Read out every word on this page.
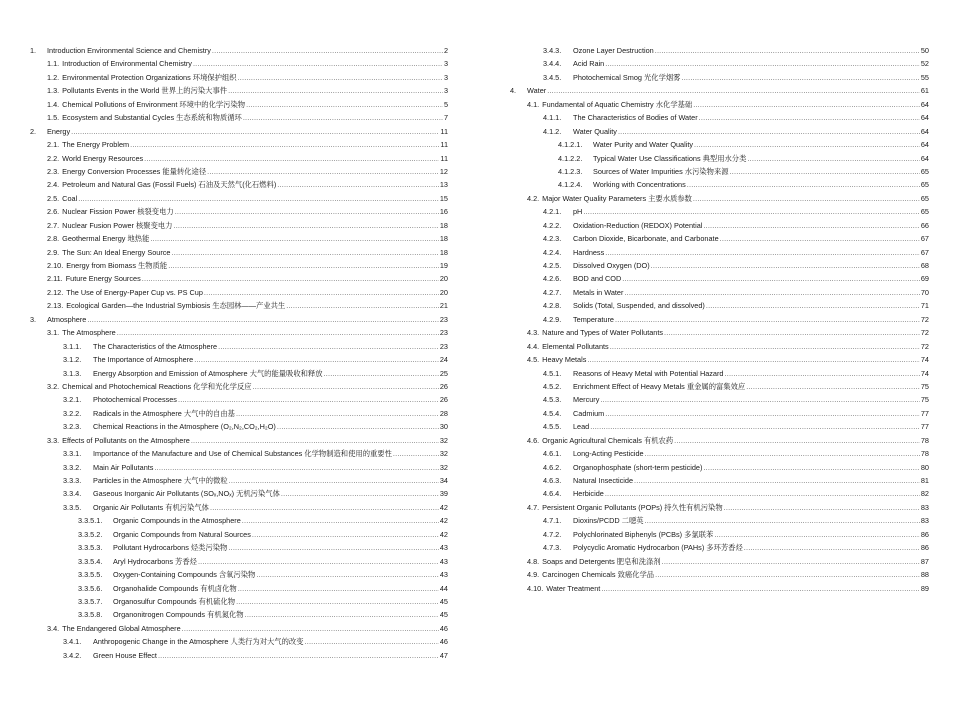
1.	Introduction Environmental Science and Chemistry .....	2
1.1. Introduction of Environmental Chemistry .....	3
1.2. Environmental Protection Organizations 环境保护组织 .....	3
1.3. Pollutants Events in the World 世界上的污染大事件 .....	3
1.4. Chemical Pollutions of Environment 环境中的化学污染物 .....	5
1.5. Ecosystem and Substantial Cycles 生态系统和物质循环 .....	7
2.	Energy .....	11
2.1. The Energy Problem .....	11
2.2. World Energy Resources .....	11
2.3. Energy Conversion Processes 能量转化途径 .....	12
2.4. Petroleum and Natural Gas (Fossil Fuels) 石油及天然气(化石燃料) .....	13
2.5. Coal .....	15
2.6. Nuclear Fission Power 核裂变电力 .....	16
2.7. Nuclear Fusion Power 核聚变电力 .....	18
2.8. Geothermal Energy 地热能 .....	18
2.9. The Sun: An Ideal Energy Source .....	18
2.10. Energy from Biomass 生物质能 .....	19
2.11. Future Energy Sources .....	20
2.12. The Use of Energy-Paper Cup vs. PS Cup .....	20
2.13. Ecological Garden—the Industrial Symbiosis 生态园林——产业共生 .....	21
3.	Atmosphere .....	23
3.1. The Atmosphere .....	23
3.1.1.	The Characteristics of the Atmosphere .....	23
3.1.2.	The Importance of Atmosphere .....	24
3.1.3.	Energy Absorption and Emission of Atmosphere 大气的能量吸收和释放 .....	25
3.2. Chemical and Photochemical Reactions 化学和光化学反应 .....	26
3.2.1.	Photochemical Processes .....	26
3.2.2.	Radicals in the Atmosphere 大气中的自由基 .....	28
3.2.3.	Chemical Reactions in the Atmosphere (O₂,N₂,CO₂,H₂O) .....	30
3.3. Effects of Pollutants on the Atmosphere .....	32
3.3.1.	Importance of the Manufacture and Use of Chemical Substances 化学物制造和使用的重要性 .....	32
3.3.2.	Main Air Pollutants .....	32
3.3.3.	Particles in the Atmosphere 大气中的微粒 .....	34
3.3.4.	Gaseous Inorganic Air Pollutants (SOₓ,NOₓ) 无机污染气体 .....	39
3.3.5.	Organic Air Pollutants 有机污染气体 .....	42
3.3.5.1.	Organic Compounds in the Atmosphere .....	42
3.3.5.2.	Organic Compounds from Natural Sources .....	42
3.3.5.3.	Pollutant Hydrocarbons 烃类污染物 .....	43
3.3.5.4.	Aryl Hydrocarbons 芳香烃 .....	43
3.3.5.5.	Oxygen-Containing Compounds 含氧污染物 .....	43
3.3.5.6.	Organohalide Compounds 有机卤化物 .....	44
3.3.5.7.	Organosulfur Compounds 有机硫化物 .....	45
3.3.5.8.	Organonitrogen Compounds 有机氮化物 .....	45
3.4. The Endangered Global Atmosphere .....	46
3.4.1.	Anthropogenic Change in the Atmosphere 人类行为对大气的改变 .....	46
3.4.2.	Green House Effect .....	47
3.4.3.	Ozone Layer Destruction .....	50
3.4.4.	Acid Rain .....	52
3.4.5.	Photochemical Smog 光化学烟雾 .....	55
4.	Water .....	61
4.1. Fundamental of Aquatic Chemistry 水化学基础 .....	64
4.1.1.	The Characteristics of Bodies of Water .....	64
4.1.2.	Water Quality .....	64
4.1.2.1.	Water Purity and Water Quality .....	64
4.1.2.2.	Typical Water Use Classifications 典型用水分类 .....	64
4.1.2.3.	Sources of Water Impurities 水污染物来源 .....	65
4.1.2.4.	Working with Concentrations .....	65
4.2. Major Water Quality Parameters 主要水质参数 .....	65
4.2.1.	pH .....	65
4.2.2.	Oxidation-Reduction (REDOX) Potential .....	66
4.2.3.	Carbon Dioxide, Bicarbonate, and Carbonate .....	67
4.2.4.	Hardness .....	67
4.2.5.	Dissolved Oxygen (DO) .....	68
4.2.6.	BOD and COD .....	69
4.2.7.	Metals in Water .....	70
4.2.8.	Solids (Total, Suspended, and dissolved) .....	71
4.2.9.	Temperature .....	72
4.3. Nature and Types of Water Pollutants .....	72
4.4. Elemental Pollutants .....	72
4.5. Heavy Metals .....	74
4.5.1.	Reasons of Heavy Metal with Potential Hazard .....	74
4.5.2.	Enrichment Effect of Heavy Metals 重金属的富集效应 .....	75
4.5.3.	Mercury .....	75
4.5.4.	Cadmium .....	77
4.5.5.	Lead .....	77
4.6. Organic Agricultural Chemicals 有机农药 .....	78
4.6.1.	Long-Acting Pesticide .....	78
4.6.2.	Organophosphate (short-term pesticide) .....	80
4.6.3.	Natural Insecticide .....	81
4.6.4.	Herbicide .....	82
4.7. Persistent Organic Pollutants (POPs) 持久性有机污染物 .....	83
4.7.1.	Dioxins/PCDD 二噁英 .....	83
4.7.2.	Polychlorinated Biphenyls (PCBs) 多氯联苯 .....	86
4.7.3.	Polycyclic Aromatic Hydrocarbon (PAHs) 多环芳香烃 .....	86
4.8. Soaps and Detergents 肥皂和洗涤剂 .....	87
4.9. Carcinogen Chemicals 致癌化学品 .....	88
4.10. Water Treatment .....	89
